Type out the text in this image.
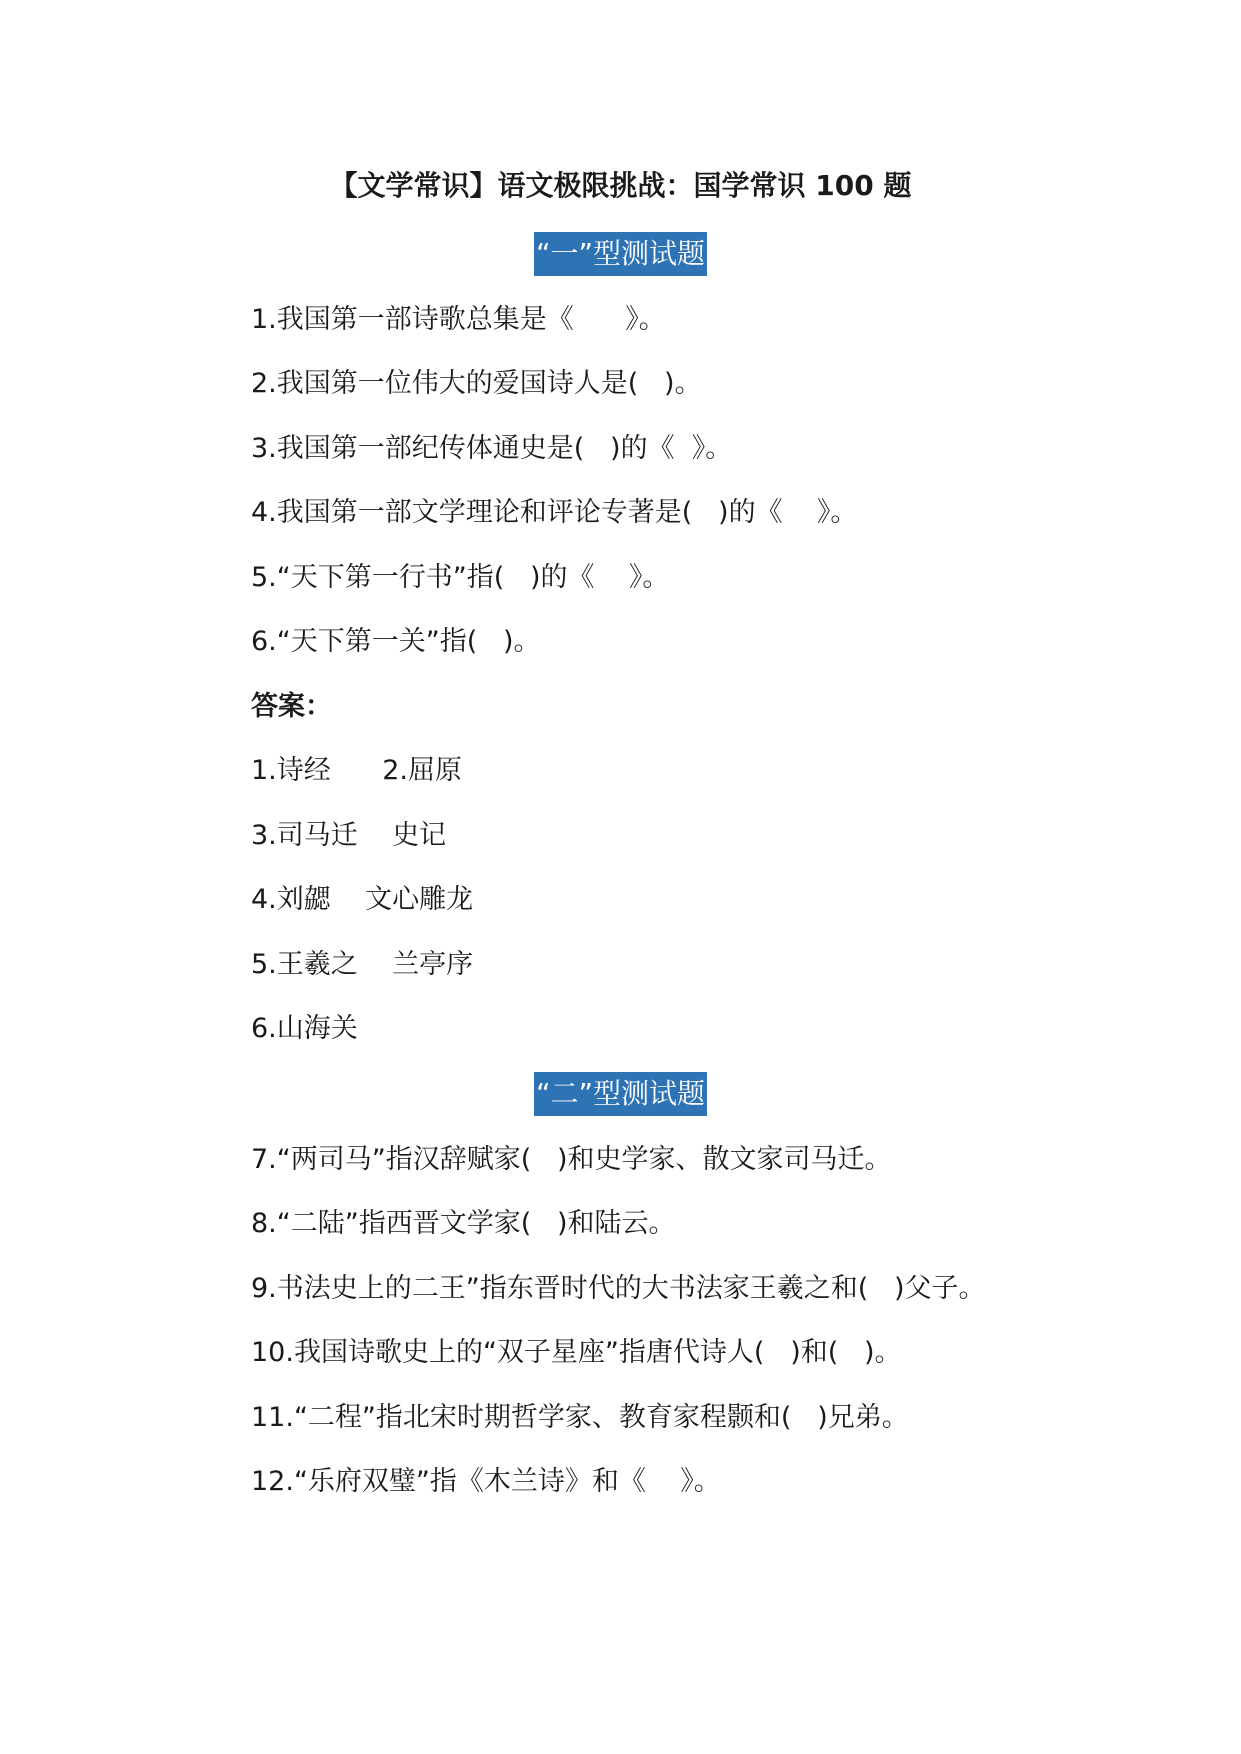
【文学常识】语文极限挑战：国学常识 100 题
“一”型测试题

1.我国第一部诗歌总集是《      》。

2.我国第一位伟大的爱国诗人是(   )。

3.我国第一部纪传体通史是(   )的《  》。

4.我国第一部文学理论和评论专著是(   )的《    》。

5.“天下第一行书”指(   )的《    》。

6.“天下第一关”指(   )。

答案：

1.诗经      2.屈原

3.司马迁    史记

4.刘勰    文心雕龙

5.王羲之    兰亭序

6.山海关

“二”型测试题

7.“两司马”指汉辞赋家(   )和史学家、散文家司马迁。

8.“二陆”指西晋文学家(   )和陆云。

9.书法史上的二王”指东晋时代的大书法家王羲之和(   )父子。

10.我国诗歌史上的“双子星座”指唐代诗人(   )和(   )。

11.“二程”指北宋时期哲学家、教育家程颢和(   )兄弟。

12.“乐府双璧”指《木兰诗》和《    》。
